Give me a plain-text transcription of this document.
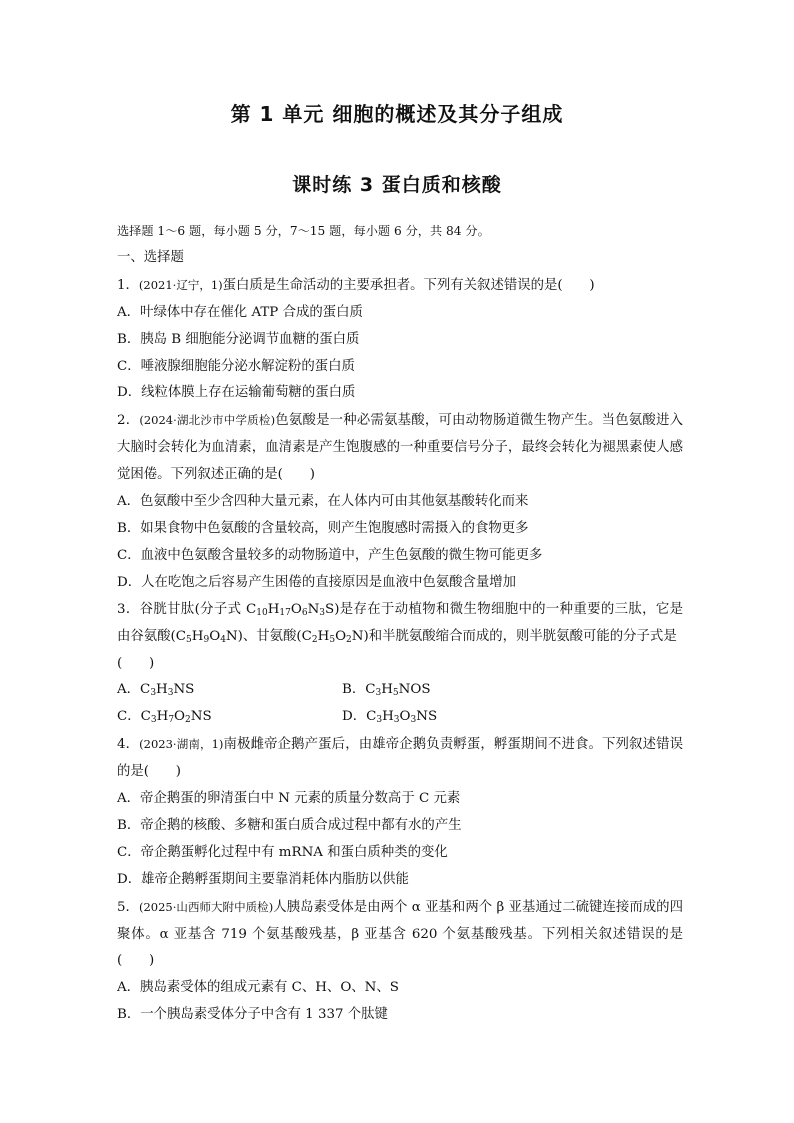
第 1 单元 细胞的概述及其分子组成
课时练 3 蛋白质和核酸
选择题 1～6 题，每小题 5 分，7～15 题，每小题 6 分，共 84 分。
一、选择题
1．(2021·辽宁，1)蛋白质是生命活动的主要承担者。下列有关叙述错误的是(　　)
A．叶绿体中存在催化 ATP 合成的蛋白质
B．胰岛 B 细胞能分泌调节血糖的蛋白质
C．唾液腺细胞能分泌水解淀粉的蛋白质
D．线粒体膜上存在运输葡萄糖的蛋白质
2．(2024·湖北沙市中学质检)色氨酸是一种必需氨基酸，可由动物肠道微生物产生。当色氨酸进入大脑时会转化为血清素，血清素是产生饱腹感的一种重要信号分子，最终会转化为褪黑素使人感觉困倦。下列叙述正确的是(　　)
A．色氨酸中至少含四种大量元素，在人体内可由其他氨基酸转化而来
B．如果食物中色氨酸的含量较高，则产生饱腹感时需摄入的食物更多
C．血液中色氨酸含量较多的动物肠道中，产生色氨酸的微生物可能更多
D．人在吃饱之后容易产生困倦的直接原因是血液中色氨酸含量增加
3．谷胱甘肽(分子式 $C_{10}H_{17}O_6N_3S$)是存在于动植物和微生物细胞中的一种重要的三肽，它是由谷氨酸$(C_5H_9O_4N)$、甘氨酸$(C_2H_5O_2N)$和半胱氨酸缩合而成的，则半胱氨酸可能的分子式是
(　　)
A．$C_3H_3NS$	B．$C_3H_5NOS$
C．$C_3H_7O_2NS$	D．$C_3H_3O_3NS$
4．(2023·湖南，1)南极雌帝企鹅产蛋后，由雄帝企鹅负责孵蛋，孵蛋期间不进食。下列叙述错误的是(　　)
A．帝企鹅蛋的卵清蛋白中 N 元素的质量分数高于 C 元素
B．帝企鹅的核酸、多糖和蛋白质合成过程中都有水的产生
C．帝企鹅蛋孵化过程中有 mRNA 和蛋白质种类的变化
D．雄帝企鹅孵蛋期间主要靠消耗体内脂肪以供能
5．(2025·山西师大附中质检)人胰岛素受体是由两个 α 亚基和两个 β 亚基通过二硫键连接而成的四聚体。α 亚基含 719 个氨基酸残基，β 亚基含 620 个氨基酸残基。下列相关叙述错误的是(　　)
A．胰岛素受体的组成元素有 C、H、O、N、S
B．一个胰岛素受体分子中含有 1 337 个肽键
